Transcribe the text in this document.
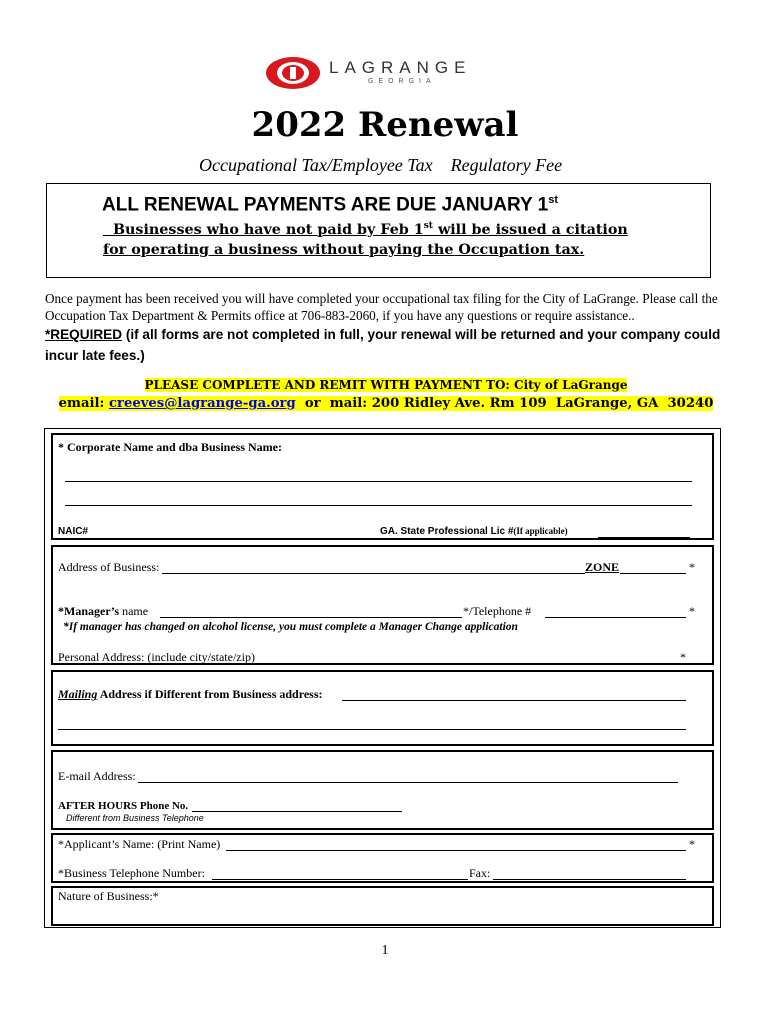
LAGRANGE
GEORGIA
2022 Renewal
Occupational Tax/Employee Tax    Regulatory Fee
ALL RENEWAL PAYMENTS ARE DUE JANUARY 1st
Businesses who have not paid by Feb 1st will be issued a citation
for operating a business without paying the Occupation tax.
Once payment has been received you will have completed your occupational tax filing for the City of LaGrange. Please call the Occupation Tax Department & Permits office at 706-883-2060, if you have any questions or require assistance..
*REQUIRED (if all forms are not completed in full, your renewal will be returned and your company could incur late fees.)
PLEASE COMPLETE AND REMIT WITH PAYMENT TO: City of LaGrange
email: creeves@lagrange-ga.org  or  mail: 200 Ridley Ave. Rm 109  LaGrange, GA  30240
* Corporate Name and dba Business Name:
NAIC#	GA. State Professional Lic #(If applicable)
Address of Business:	ZONE	*
*Manager’s name	*/Telephone #	*
*If manager has changed on alcohol license, you must complete a Manager Change application
Personal Address: (include city/state/zip)	*
Mailing Address if Different from Business address:
E-mail Address:
AFTER HOURS Phone No.
Different from Business Telephone
*Applicant’s Name: (Print Name)	*
*Business Telephone Number:	Fax:
Nature of Business:*
1
